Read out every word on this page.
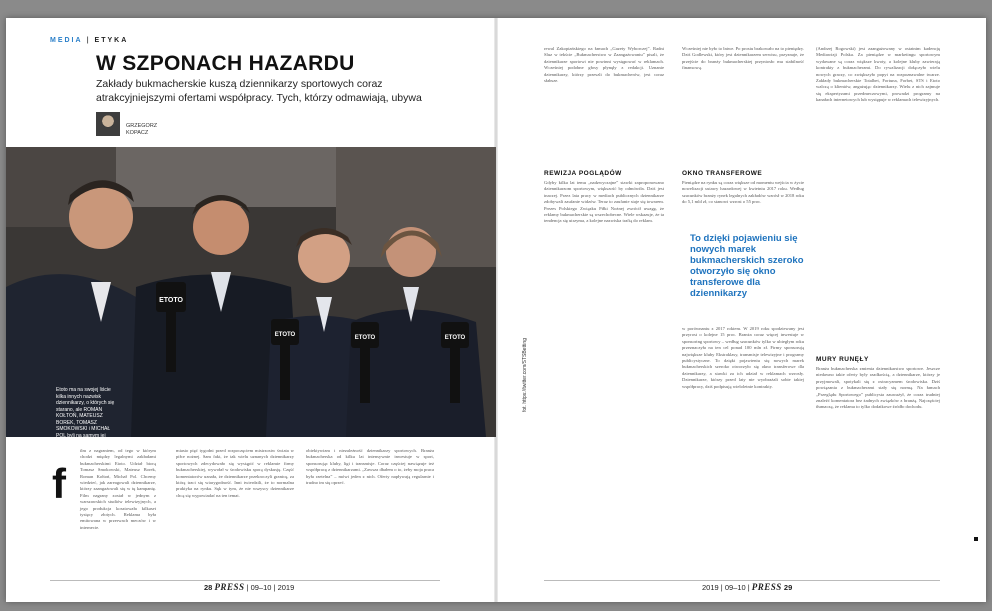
MEDIA | ETYKA
W SZPONACH HAZARDU
Zakłady bukmacherskie kuszą dziennikarzy sportowych coraz atrakcyjniejszymi ofertami współpracy. Tych, którzy odmawiają, ubywa
GRZEGORZ
KOPACZ
ETOTO
ETOTO	ETOTO	ETOTO
Etoto ma na swojej liście kilka innych nazwisk dziennikarzy, o których się starano, ale ROMAN KOŁTOŃ, MATEUSZ BOREK, TOMASZ SMOKOWSKI i MICHAŁ POL byli na samym jej szczycie
f
ilm z nagraniem, od tego w którym chodzi między legalnymi zakładami bukmacherskimi Etoto. Udział biorą Tomasz Smokowski, Mateusz Borek, Roman Kołtoń, Michał Pol. Chcemy wiedzieć, jak zareagowali dziennikarze, którzy zaangażowali się w tę kampanię. Film nagrany został w jednym z warszawskich studiów telewizyjnych, a jego produkcja kosztowała kilkaset tysięcy złotych. Reklama była emitowana w przerwach meczów i w internecie.
miasto pięć tygodni przed rozpoczęciem mistrzostw świata w piłce nożnej. Sam fakt, że tak wielu uznanych dziennikarzy sportowych zdecydowało się wystąpić w reklamie firmy bukmacherskiej, wywołał w środowisku sporą dyskusję. Część komentatorów uznała, że dziennikarze przekroczyli granicę, za którą traci się wiarygodność. Inni twierdzili, że to normalna praktyka na rynku. Sęk w tym, że nie wszyscy dziennikarze chcą się wypowiadać na ten temat.
obiektywizm i niezależność dziennikarzy sportowych. Branża bukmacherska od kilku lat intensywnie inwestuje w sport, sponsorując kluby, ligi i transmisje. Coraz częściej nawiązuje też współpracę z dziennikarzami. „Zawsza dbałem o to, żeby moja praca była rzetelna” – mówi jeden z nich. Oferty napływają regularnie i trudno im się oprzeć.
28 PRESS | 09–10 | 2019
rewal Zakopiańskiego na łamach „Gazety Wyborczej”. Radni Sluz w tekście „Bukmacherstwo w Zaangażowaniu” pisali, że dziennikarze sportowi nie powinni występować w reklamach. Wcześniej podobne głosy płynęły z redakcji. Uznanie dziennikarzy, którzy przeszli do bukmacherów, jest coraz słabsze.
REWIZJA POGLĄDÓW
Gdyby kilka lat temu „nadzwyczajne” stawki zaproponowano dziennikarzom sportowym, większość by odmówiła. Dziś jest inaczej. Przez lata pracy w mediach publicznych dziennikarze zdobywali zaufanie widzów. Teraz to zaufanie staje się towarem. Prezes Polskiego Związku Piłki Nożnej zwrócił uwagę, że reklamy bukmacherskie są wszechobecne. Wiele wskazuje, że ta tendencja się utrzyma, a kolejne nazwiska trafią do reklam.
Wcześniej nie było to łatwe. Po prostu brakowało na to pieniędzy. Dziś Godlewski, który jest dziennikarzem serwisu, przyznaje, że przejście do branży bukmacherskiej przyniosło mu stabilność finansową.
OKNO TRANSFEROWE
Pieniądze na rynku są coraz większe od momentu wejścia w życie nowelizacji ustawy hazardowej w kwietniu 2017 roku. Według szacunków branży rynek legalnych zakładów wzrósł w 2018 roku do 5,1 mld zł, co stanowi wzrost o 55 proc.
w porównaniu z 2017 rokiem. W 2019 roku spodziewany jest przyrost o kolejne 15 proc. Branża coraz więcej inwestuje w sponsoring sportowy – według szacunków tylko w ubiegłym roku przeznaczyła na ten cel ponad 100 mln zł. Firmy sponsorują największe kluby Ekstraklasy, transmisje telewizyjne i programy publicystyczne. To dzięki pojawieniu się nowych marek bukmacherskich szeroko otworzyło się okno transferowe dla dziennikarzy, a stawki za ich udział w reklamach wzrosły. Dziennikarze, którzy przed laty nie wyobrażali sobie takiej współpracy, dziś podpisują wieloletnie kontrakty.
(Andrzej Rogowski) jest zaangażowany w ostatnim kadencję Mediawizji Polska. Za pieniądze w marketingu sportowym wydawane są coraz większe kwoty, a kolejne kluby zawierają kontrakty z bukmacherami. Do rywalizacji dołączyło wielu nowych graczy, co zwiększyło popyt na rozpoznawalne twarze. Zakłady bukmacherskie Totalbet, Fortuna, Forbet, STS i Etoto walczą o klientów, angażując dziennikarzy. Wielu z nich zajmuje się ekspertyzami przedmeczowymi, prowadzi programy na kanałach internetowych lub występuje w reklamach telewizyjnych.
MURY RUNĘŁY
Branża bukmacherska zmienia dziennikarstwo sportowe. Jeszcze niedawno takie oferty były rzadkością, a dziennikarze, którzy je przyjmowali, spotykali się z ostracyzmem środowiska. Dziś powiązania z bukmacherami stały się normą. Na łamach „Przeglądu Sportowego” publicysta zauważył, że coraz trudniej znaleźć komentatora bez żadnych związków z branżą. Najczęściej tłumaczą, że reklama to tylko dodatkowe źródło dochodu.
2019 | 09–10 | PRESS 29
To dzięki pojawieniu się nowych marek bukmacherskich szeroko otworzyło się okno transferowe dla dziennikarzy
fot. https://twitter.com/STSBetting
